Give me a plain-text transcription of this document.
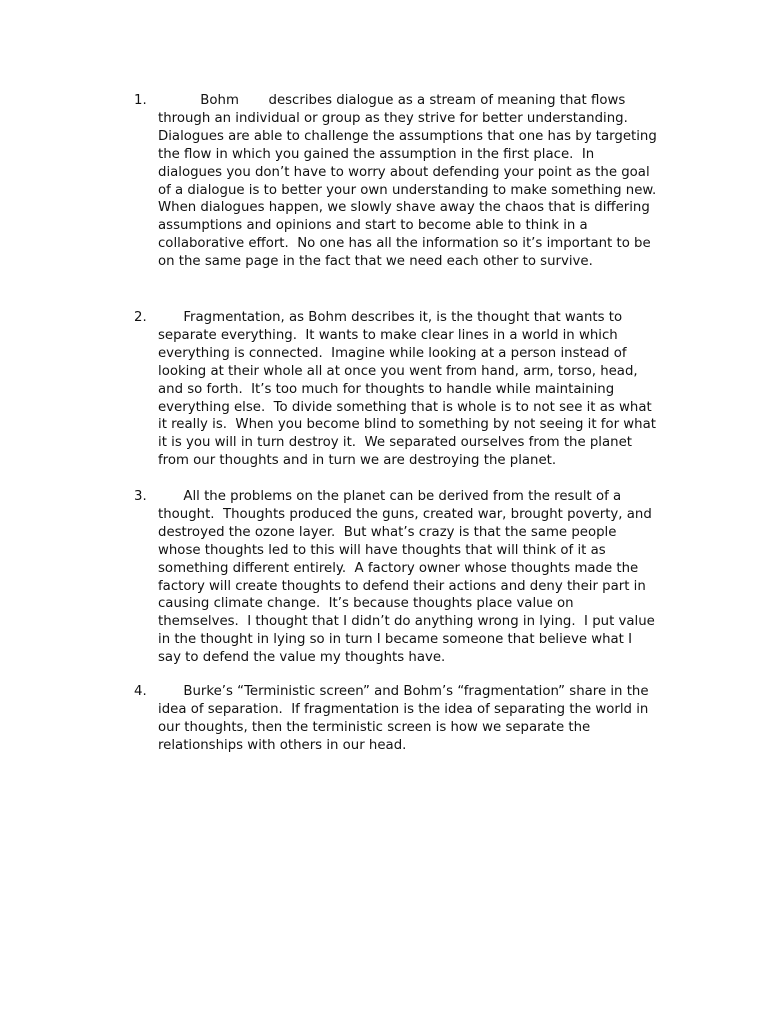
1.	Bohm       describes dialogue as a stream of meaning that flows
through an individual or group as they strive for better understanding.
Dialogues are able to challenge the assumptions that one has by targeting
the flow in which you gained the assumption in the first place.  In
dialogues you don’t have to worry about defending your point as the goal
of a dialogue is to better your own understanding to make something new.
When dialogues happen, we slowly shave away the chaos that is differing
assumptions and opinions and start to become able to think in a
collaborative effort.  No one has all the information so it’s important to be
on the same page in the fact that we need each other to survive.
2.	Fragmentation, as Bohm describes it, is the thought that wants to
separate everything.  It wants to make clear lines in a world in which
everything is connected.  Imagine while looking at a person instead of
looking at their whole all at once you went from hand, arm, torso, head,
and so forth.  It’s too much for thoughts to handle while maintaining
everything else.  To divide something that is whole is to not see it as what
it really is.  When you become blind to something by not seeing it for what
it is you will in turn destroy it.  We separated ourselves from the planet
from our thoughts and in turn we are destroying the planet.
3.	All the problems on the planet can be derived from the result of a
thought.  Thoughts produced the guns, created war, brought poverty, and
destroyed the ozone layer.  But what’s crazy is that the same people
whose thoughts led to this will have thoughts that will think of it as
something different entirely.  A factory owner whose thoughts made the
factory will create thoughts to defend their actions and deny their part in
causing climate change.  It’s because thoughts place value on
themselves.  I thought that I didn’t do anything wrong in lying.  I put value
in the thought in lying so in turn I became someone that believe what I
say to defend the value my thoughts have.
4.	Burke’s “Terministic screen” and Bohm’s “fragmentation” share in the
idea of separation.  If fragmentation is the idea of separating the world in
our thoughts, then the terministic screen is how we separate the
relationships with others in our head.
